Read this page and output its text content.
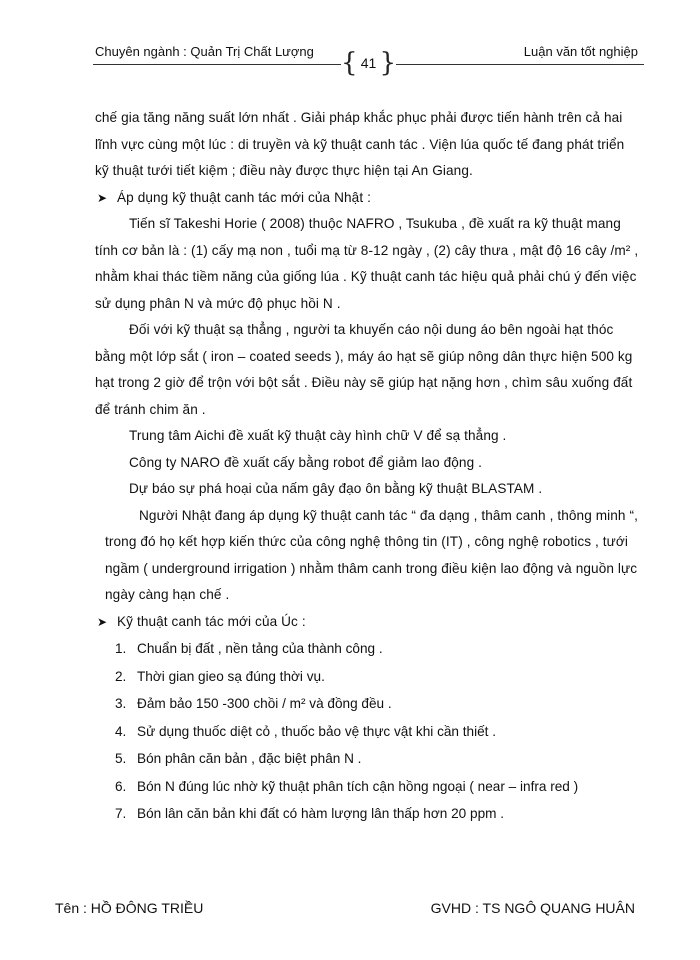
Chuyên ngành : Quản Trị Chất Lượng { 41 }	Luận văn tốt nghiệp

chế gia tăng năng suất lớn nhất . Giải pháp khắc phục phải được tiến hành trên cả hai lĩnh vực cùng một lúc : di truyền và kỹ thuật canh tác . Viện lúa quốc tế đang phát triển kỹ thuật tưới tiết kiệm ; điều này được thực hiện tại An Giang.

➤ Áp dụng kỹ thuật canh tác mới của Nhật :

Tiến sĩ Takeshi Horie ( 2008) thuộc NAFRO , Tsukuba , đề xuất ra kỹ thuật mang tính cơ bản là : (1) cấy mạ non , tuổi mạ từ 8-12 ngày , (2) cây thưa , mật độ 16 cây /m² , nhằm khai thác tiềm năng của giống lúa . Kỹ thuật canh tác hiệu quả phải chú ý đến việc sử dụng phân N và mức độ phục hồi N .

Đối với kỹ thuật sạ thẳng , người ta khuyến cáo nội dung áo bên ngoài hạt thóc bằng một lớp sắt ( iron – coated seeds ), máy áo hạt sẽ giúp nông dân thực hiện 500 kg hạt trong 2 giờ để trộn với bột sắt . Điều này sẽ giúp hạt nặng hơn , chìm sâu xuống đất để tránh chim ăn .

Trung tâm Aichi đề xuất kỹ thuật cày hình chữ V để sạ thẳng .

Công ty NARO đề xuất cấy bằng robot để giảm lao động .

Dự báo sự phá hoại của nấm gây đạo ôn bằng kỹ thuật BLASTAM .

Người Nhật đang áp dụng kỹ thuật canh tác “ đa dạng , thâm canh , thông minh “, trong đó họ kết hợp kiến thức của công nghệ thông tin (IT) , công nghệ robotics , tưới ngầm ( underground irrigation ) nhằm thâm canh trong điều kiện lao động và nguồn lực ngày càng hạn chế .

➤ Kỹ thuật canh tác mới của Úc :

1. Chuẩn bị đất , nền tảng của thành công .
2. Thời gian gieo sạ đúng thời vụ.
3. Đảm bảo 150 -300 chồi / m² và đồng đều .
4. Sử dụng thuốc diệt cỏ , thuốc bảo vệ thực vật khi cần thiết .
5. Bón phân căn bản , đặc biệt phân N .
6. Bón N đúng lúc nhờ kỹ thuật phân tích cận hồng ngoại ( near – infra red )
7. Bón lân căn bản khi đất có hàm lượng lân thấp hơn 20 ppm .
Tên : HỒ ĐÔNG TRIỀU	GVHD : TS NGÔ QUANG HUÂN
